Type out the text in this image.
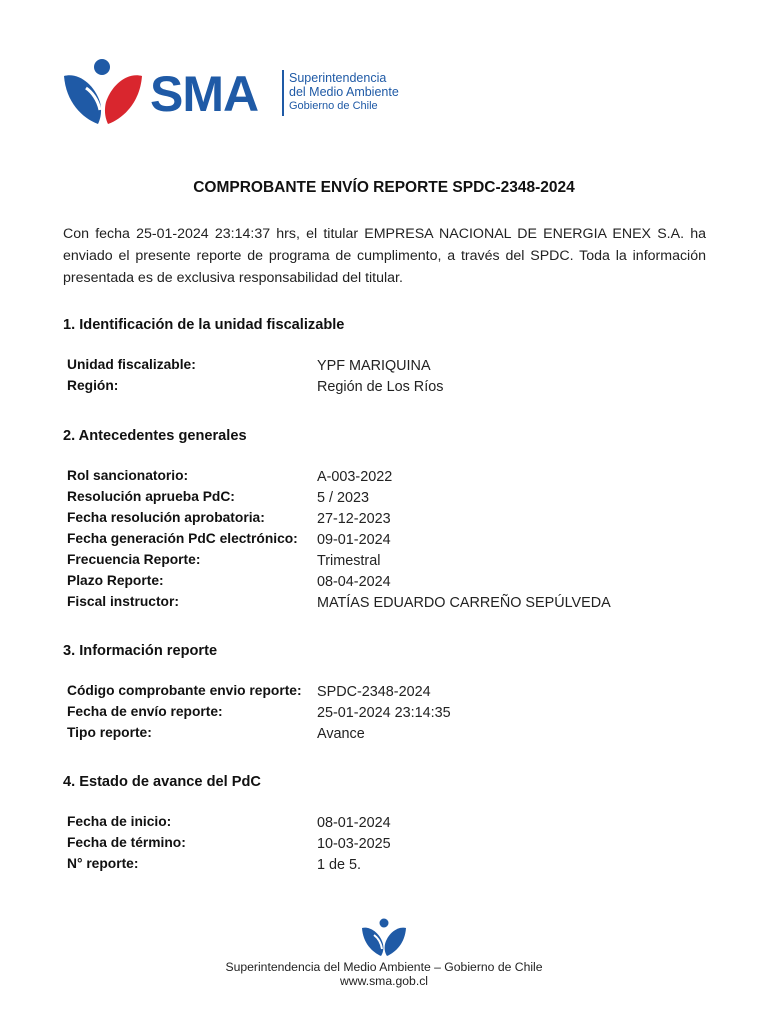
SMA Superintendencia
del Medio Ambiente
Gobierno de Chile
COMPROBANTE ENVÍO REPORTE SPDC-2348-2024
Con fecha 25-01-2024 23:14:37 hrs, el titular EMPRESA NACIONAL DE ENERGIA ENEX S.A. ha enviado el presente reporte de programa de cumplimento, a través del SPDC. Toda la información presentada es de exclusiva responsabilidad del titular.
1. Identificación de la unidad fiscalizable
Unidad fiscalizable:	YPF MARIQUINA
Región:	Región de Los Ríos
2. Antecedentes generales
Rol sancionatorio:	A-003-2022
Resolución aprueba PdC:	5 / 2023
Fecha resolución aprobatoria:	27-12-2023
Fecha generación PdC electrónico: 09-01-2024
Frecuencia Reporte:	Trimestral
Plazo Reporte:	08-04-2024
Fiscal instructor:	MATÍAS EDUARDO CARREÑO SEPÚLVEDA
3. Información reporte
Código comprobante envio reporte: SPDC-2348-2024
Fecha de envío reporte:	25-01-2024 23:14:35
Tipo reporte:	Avance
4. Estado de avance del PdC
Fecha de inicio:	08-01-2024
Fecha de término:	10-03-2025
N° reporte:	1 de 5.
Superintendencia del Medio Ambiente – Gobierno de Chile
www.sma.gob.cl
